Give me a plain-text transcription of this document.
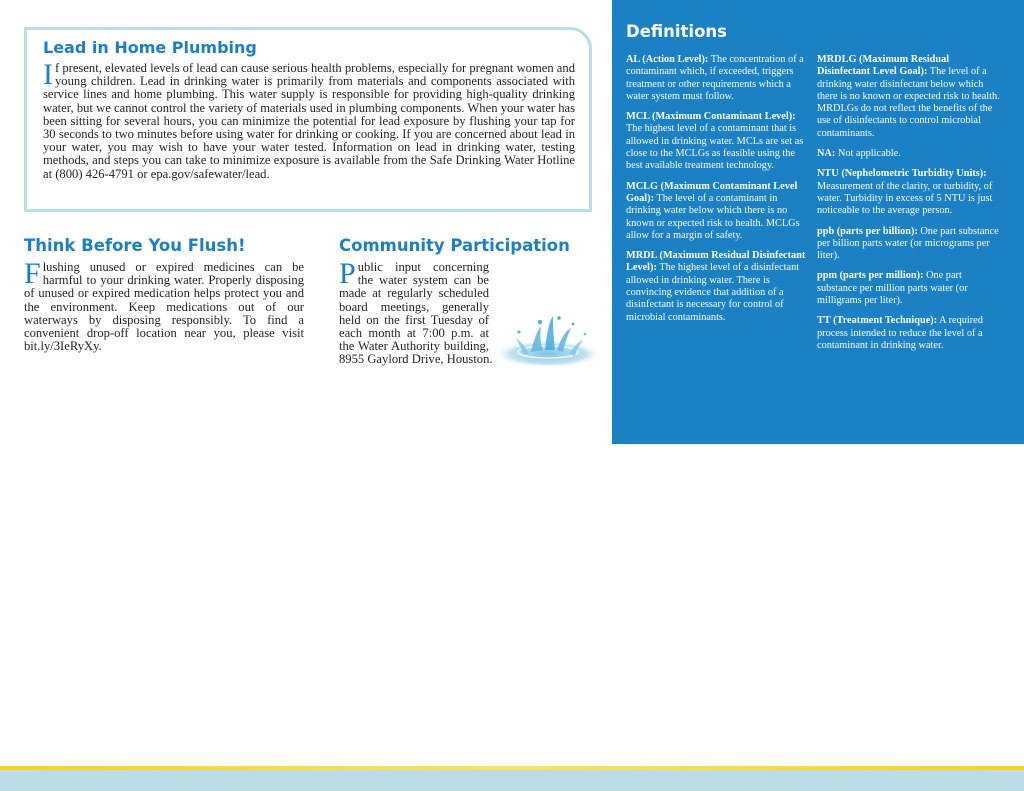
Lead in Home Plumbing

If present, elevated levels of lead can cause serious health problems, especially for pregnant women and young children. Lead in drinking water is primarily from materials and components associated with service lines and home plumbing. This water supply is responsible for providing high-quality drinking water, but we cannot control the variety of materials used in plumbing components. When your water has been sitting for several hours, you can minimize the potential for lead exposure by flushing your tap for 30 seconds to two minutes before using water for drinking or cooking. If you are concerned about lead in your water, you may wish to have your water tested. Information on lead in drinking water, testing methods, and steps you can take to minimize exposure is available from the Safe Drinking Water Hotline at (800) 426-4791 or epa.gov/safewater/lead.

Think Before You Flush!

Flushing unused or expired medicines can be harmful to your drinking water. Properly disposing of unused or expired medication helps protect you and the environment. Keep medications out of our waterways by disposing responsibly. To find a convenient drop-off location near you, please visit bit.ly/3IeRyXy.

Community Participation

Public input concerning the water system can be made at regularly scheduled board meetings, generally held on the first Tuesday of each month at 7:00 p.m. at the Water Authority building, 8955 Gaylord Drive, Houston.

Definitions

AL (Action Level): The concentration of a contaminant which, if exceeded, triggers treatment or other requirements which a water system must follow.

MCL (Maximum Contaminant Level): The highest level of a contaminant that is allowed in drinking water. MCLs are set as close to the MCLGs as feasible using the best available treatment technology.

MCLG (Maximum Contaminant Level Goal): The level of a contaminant in drinking water below which there is no known or expected risk to health. MCLGs allow for a margin of safety.

MRDL (Maximum Residual Disinfectant Level): The highest level of a disinfectant allowed in drinking water. There is convincing evidence that addition of a disinfectant is necessary for control of microbial contaminants.

MRDLG (Maximum Residual Disinfectant Level Goal): The level of a drinking water disinfectant below which there is no known or expected risk to health. MRDLGs do not reflect the benefits of the use of disinfectants to control microbial contaminants.

NA: Not applicable.

NTU (Nephelometric Turbidity Units): Measurement of the clarity, or turbidity, of water. Turbidity in excess of 5 NTU is just noticeable to the average person.

ppb (parts per billion): One part substance per billion parts water (or micrograms per liter).

ppm (parts per million): One part substance per million parts water (or milligrams per liter).

TT (Treatment Technique): A required process intended to reduce the level of a contaminant in drinking water.
